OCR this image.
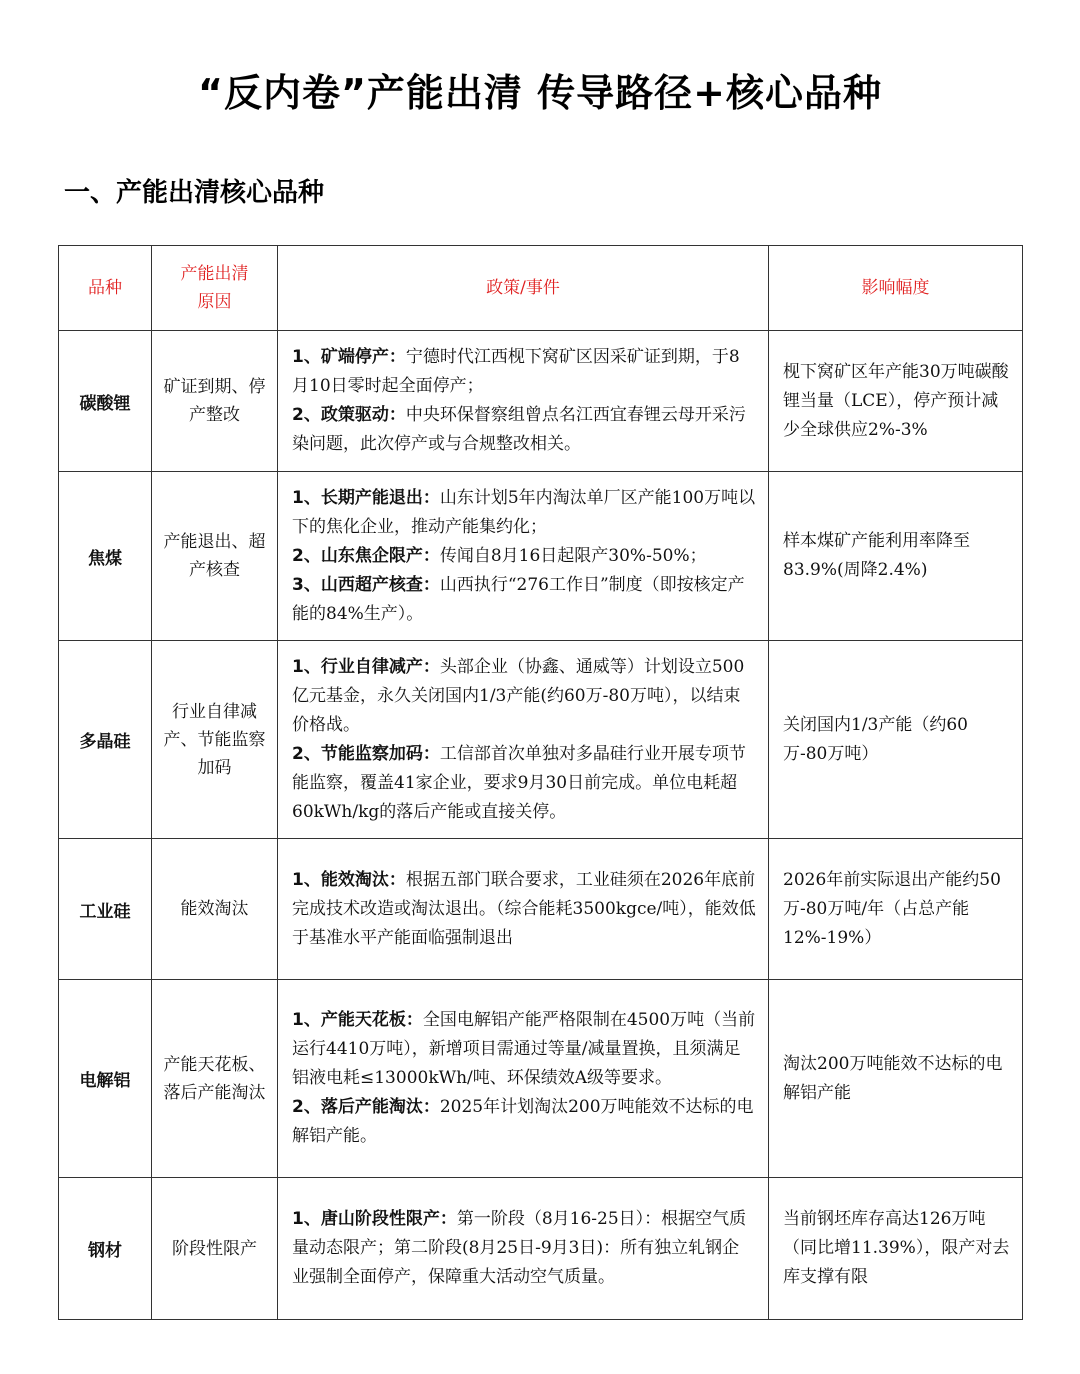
“反内卷”产能出清 传导路径+核心品种
一、产能出清核心品种
品种	产能出清原因	政策/事件	影响幅度
碳酸锂	矿证到期、停产整改	1、矿端停产：宁德时代江西枧下窝矿区因采矿证到期，于8月10日零时起全面停产；
2、政策驱动：中央环保督察组曾点名江西宜春锂云母开采污染问题，此次停产或与合规整改相关。	枧下窝矿区年产能30万吨碳酸锂当量（LCE），停产预计减少全球供应2%-3%
焦煤	产能退出、超产核查	1、长期产能退出：山东计划5年内淘汰单厂区产能100万吨以下的焦化企业，推动产能集约化；
2、山东焦企限产：传闻自8月16日起限产30%-50%；
3、山西超产核查：山西执行“276工作日”制度（即按核定产能的84%生产）。	样本煤矿产能利用率降至83.9%(周降2.4%)
多晶硅	行业自律减产、节能监察加码	1、行业自律减产：头部企业（协鑫、通威等）计划设立500亿元基金，永久关闭国内1/3产能(约60万-80万吨），以结束价格战。
2、节能监察加码：工信部首次单独对多晶硅行业开展专项节能监察，覆盖41家企业，要求9月30日前完成。单位电耗超60kWh/kg的落后产能或直接关停。	关闭国内1/3产能（约60万-80万吨）
工业硅	能效淘汰	1、能效淘汰：根据五部门联合要求，工业硅须在2026年底前完成技术改造或淘汰退出。（综合能耗3500kgce/吨），能效低于基准水平产能面临强制退出	2026年前实际退出产能约50万-80万吨/年（占总产能12%-19%）
电解铝	产能天花板、落后产能淘汰	1、产能天花板：全国电解铝产能严格限制在4500万吨（当前运行4410万吨），新增项目需通过等量/减量置换，且须满足铝液电耗≤13000kWh/吨、环保绩效A级等要求。
2、落后产能淘汰：2025年计划淘汰200万吨能效不达标的电解铝产能。	淘汰200万吨能效不达标的电解铝产能
钢材	阶段性限产	1、唐山阶段性限产：第一阶段（8月16-25日）：根据空气质量动态限产；第二阶段(8月25日-9月3日)：所有独立轧钢企业强制全面停产，保障重大活动空气质量。	当前钢坯库存高达126万吨（同比增11.39%），限产对去库支撑有限
